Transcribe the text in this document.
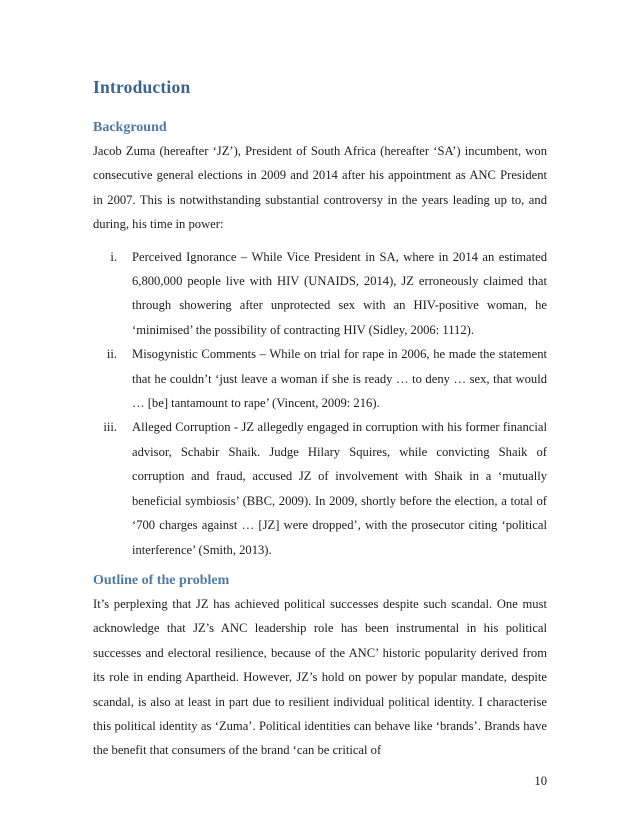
Introduction
Background

Jacob Zuma (hereafter ‘JZ’), President of South Africa (hereafter ‘SA’) incumbent, won consecutive general elections in 2009 and 2014 after his appointment as ANC President in 2007. This is notwithstanding substantial controversy in the years leading up to, and during, his time in power:

i. Perceived Ignorance – While Vice President in SA, where in 2014 an estimated 6,800,000 people live with HIV (UNAIDS, 2014), JZ erroneously claimed that through showering after unprotected sex with an HIV-positive woman, he ‘minimised’ the possibility of contracting HIV (Sidley, 2006: 1112).
ii. Misogynistic Comments – While on trial for rape in 2006, he made the statement that he couldn’t ‘just leave a woman if she is ready … to deny … sex, that would … [be] tantamount to rape’ (Vincent, 2009: 216).
iii. Alleged Corruption - JZ allegedly engaged in corruption with his former financial advisor, Schabir Shaik. Judge Hilary Squires, while convicting Shaik of corruption and fraud, accused JZ of involvement with Shaik in a ‘mutually beneficial symbiosis’ (BBC, 2009). In 2009, shortly before the election, a total of ‘700 charges against … [JZ] were dropped’, with the prosecutor citing ‘political interference’ (Smith, 2013).
Outline of the problem

It’s perplexing that JZ has achieved political successes despite such scandal. One must acknowledge that JZ’s ANC leadership role has been instrumental in his political successes and electoral resilience, because of the ANC’ historic popularity derived from its role in ending Apartheid. However, JZ’s hold on power by popular mandate, despite scandal, is also at least in part due to resilient individual political identity. I characterise this political identity as ‘Zuma’. Political identities can behave like ‘brands’. Brands have the benefit that consumers of the brand ‘can be critical of

10
